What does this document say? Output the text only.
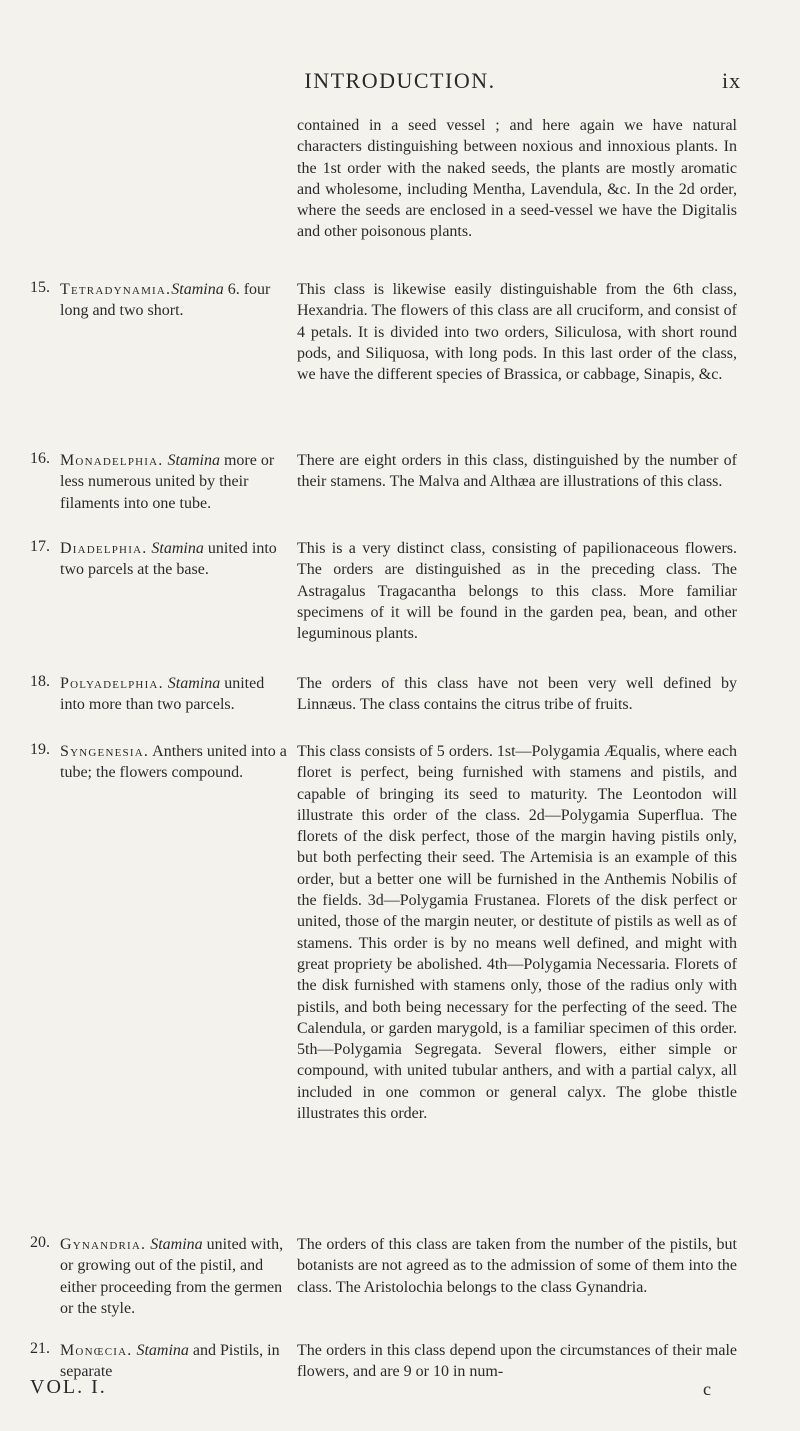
INTRODUCTION.	ix
contained in a seed vessel ; and here again we have natural characters distinguishing between noxious and innoxious plants. In the 1st order with the naked seeds, the plants are mostly aromatic and wholesome, including Mentha, Lavendula, &c. In the 2d order, where the seeds are enclosed in a seed-vessel we have the Digitalis and other poisonous plants.
15. Tetradynamia.Stamina 6. four long and two short.
This class is likewise easily distinguishable from the 6th class, Hexandria. The flowers of this class are all cruciform, and consist of 4 petals. It is divided into two orders, Siliculosa, with short round pods, and Siliquosa, with long pods. In this last order of the class, we have the different species of Brassica, or cabbage, Sinapis, &c.
16. Monadelphia. Stamina more or less numerous united by their filaments into one tube.
There are eight orders in this class, distinguished by the number of their stamens. The Malva and Althæa are illustrations of this class.
17. Diadelphia. Stamina united into two parcels at the base.
This is a very distinct class, consisting of papilionaceous flowers. The orders are distinguished as in the preceding class. The Astragalus Tragacantha belongs to this class. More familiar specimens of it will be found in the garden pea, bean, and other leguminous plants.
18. Polyadelphia. Stamina united into more than two parcels.
The orders of this class have not been very well defined by Linnæus. The class contains the citrus tribe of fruits.
19. Syngenesia. Anthers united into a tube; the flowers compound.
This class consists of 5 orders. 1st—Polygamia Æqualis, where each floret is perfect, being furnished with stamens and pistils, and capable of bringing its seed to maturity. The Leontodon will illustrate this order of the class. 2d—Polygamia Superflua. The florets of the disk perfect, those of the margin having pistils only, but both perfecting their seed. The Artemisia is an example of this order, but a better one will be furnished in the Anthemis Nobilis of the fields. 3d—Polygamia Frustanea. Florets of the disk perfect or united, those of the margin neuter, or destitute of pistils as well as of stamens. This order is by no means well defined, and might with great propriety be abolished. 4th—Polygamia Necessaria. Florets of the disk furnished with stamens only, those of the radius only with pistils, and both being necessary for the perfecting of the seed. The Calendula, or garden marygold, is a familiar specimen of this order. 5th—Polygamia Segregata. Several flowers, either simple or compound, with united tubular anthers, and with a partial calyx, all included in one common or general calyx. The globe thistle illustrates this order.
20. Gynandria. Stamina united with, or growing out of the pistil, and either proceeding from the germen or the style.
The orders of this class are taken from the number of the pistils, but botanists are not agreed as to the admission of some of them into the class. The Aristolochia belongs to the class Gynandria.
21. Monœcia. Stamina and Pistils, in separate
The orders in this class depend upon the circumstances of their male flowers, and are 9 or 10 in num-
VOL. I.	c
